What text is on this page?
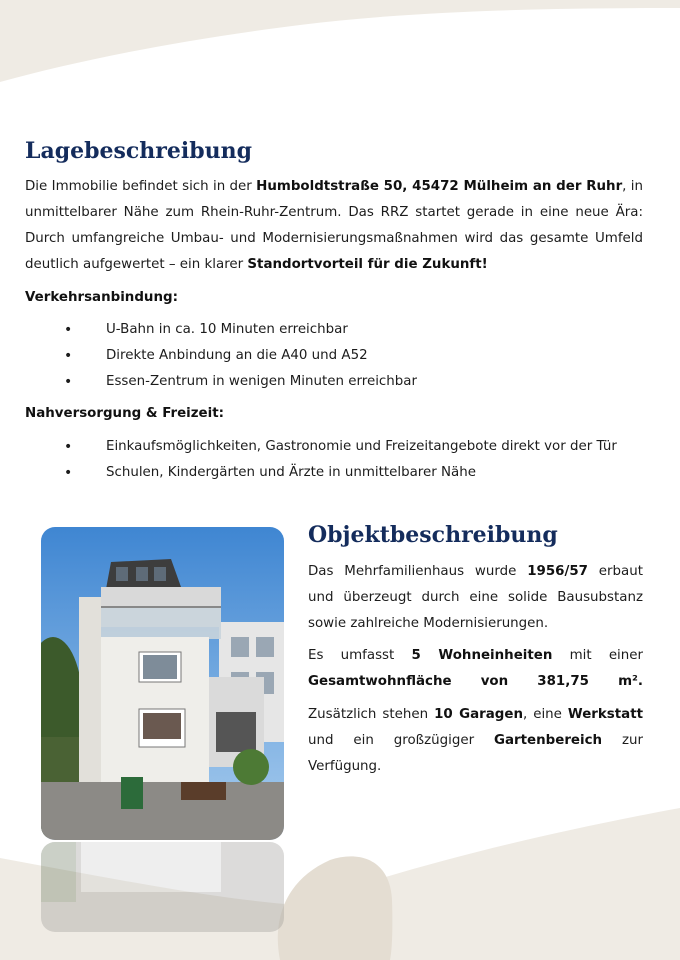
Lagebeschreibung
Die Immobilie befindet sich in der Humboldtstraße 50, 45472 Mülheim an der Ruhr, in unmittelbarer Nähe zum Rhein-Ruhr-Zentrum. Das RRZ startet gerade in eine neue Ära: Durch umfangreiche Umbau- und Modernisierungsmaßnahmen wird das gesamte Umfeld deutlich aufgewertet – ein klarer Standortvorteil für die Zukunft!
Verkehrsanbindung:
•	U-Bahn in ca. 10 Minuten erreichbar
•	Direkte Anbindung an die A40 und A52
•	Essen-Zentrum in wenigen Minuten erreichbar
Nahversorgung & Freizeit:
•	Einkaufsmöglichkeiten, Gastronomie und Freizeitangebote direkt vor der Tür
•	Schulen, Kindergärten und Ärzte in unmittelbarer Nähe
Objektbeschreibung
Das Mehrfamilienhaus wurde 1956/57 erbaut und überzeugt durch eine solide Bausubstanz sowie zahlreiche Modernisierungen.
Es umfasst 5 Wohneinheiten mit einer Gesamtwohnfläche von 381,75 m².
Zusätzlich stehen 10 Garagen, eine Werkstatt und ein großzügiger Gartenbereich zur Verfügung.
